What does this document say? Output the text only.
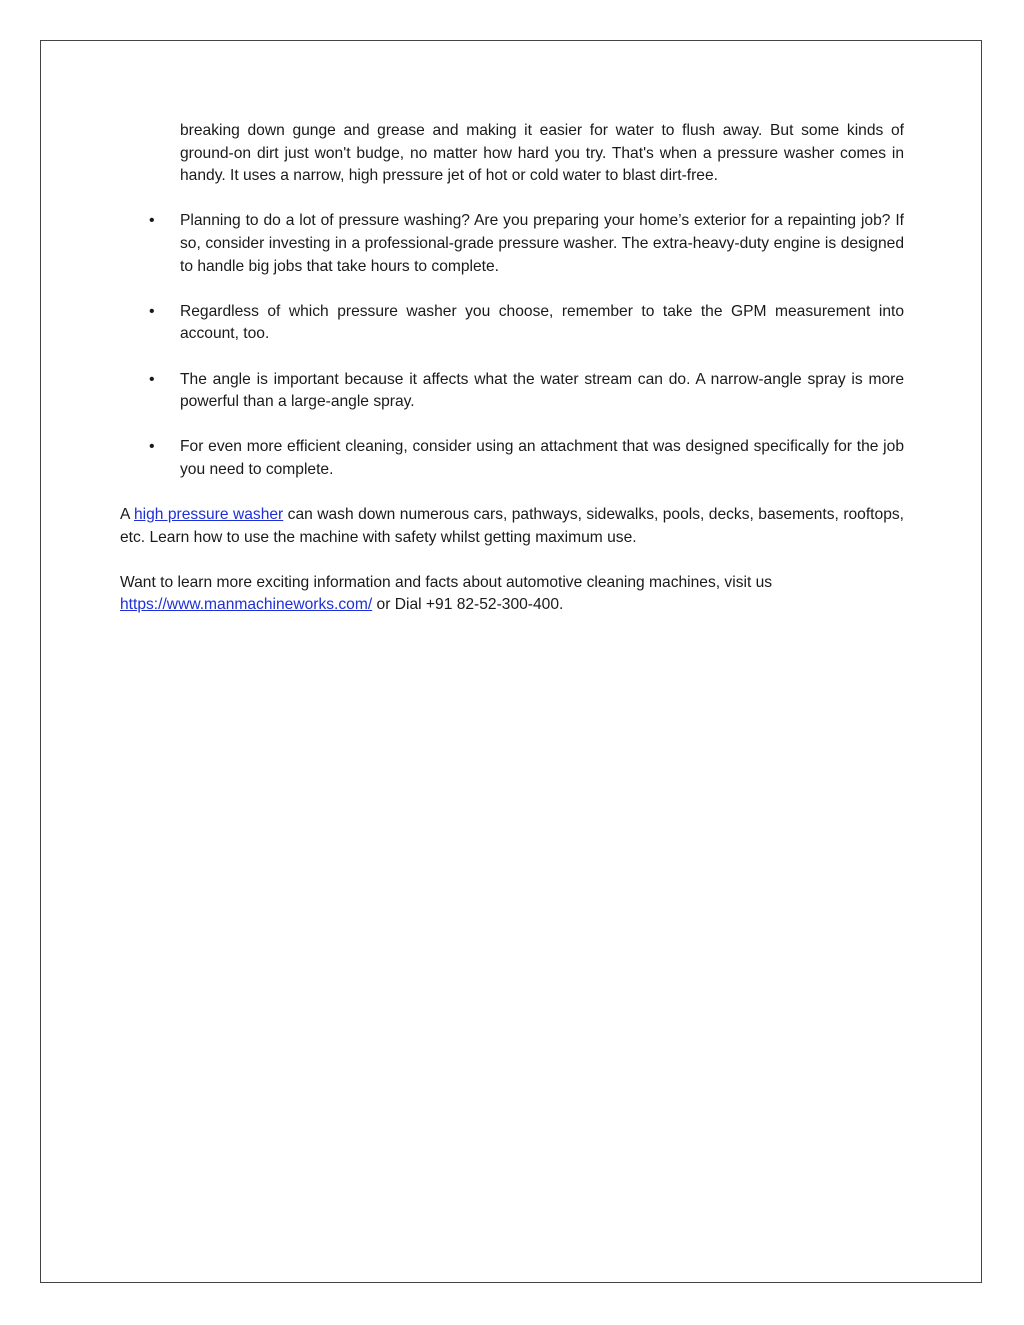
breaking down gunge and grease and making it easier for water to flush away. But some kinds of ground-on dirt just won't budge, no matter how hard you try. That's when a pressure washer comes in handy. It uses a narrow, high pressure jet of hot or cold water to blast dirt-free.

• Planning to do a lot of pressure washing? Are you preparing your home’s exterior for a repainting job? If so, consider investing in a professional-grade pressure washer. The extra-heavy-duty engine is designed to handle big jobs that take hours to complete.
• Regardless of which pressure washer you choose, remember to take the GPM measurement into account, too.
• The angle is important because it affects what the water stream can do. A narrow-angle spray is more powerful than a large-angle spray.
• For even more efficient cleaning, consider using an attachment that was designed specifically for the job you need to complete.

A high pressure washer can wash down numerous cars, pathways, sidewalks, pools, decks, basements, rooftops, etc. Learn how to use the machine with safety whilst getting maximum use.

Want to learn more exciting information and facts about automotive cleaning machines, visit us
https://www.manmachineworks.com/ or Dial +91 82-52-300-400.
